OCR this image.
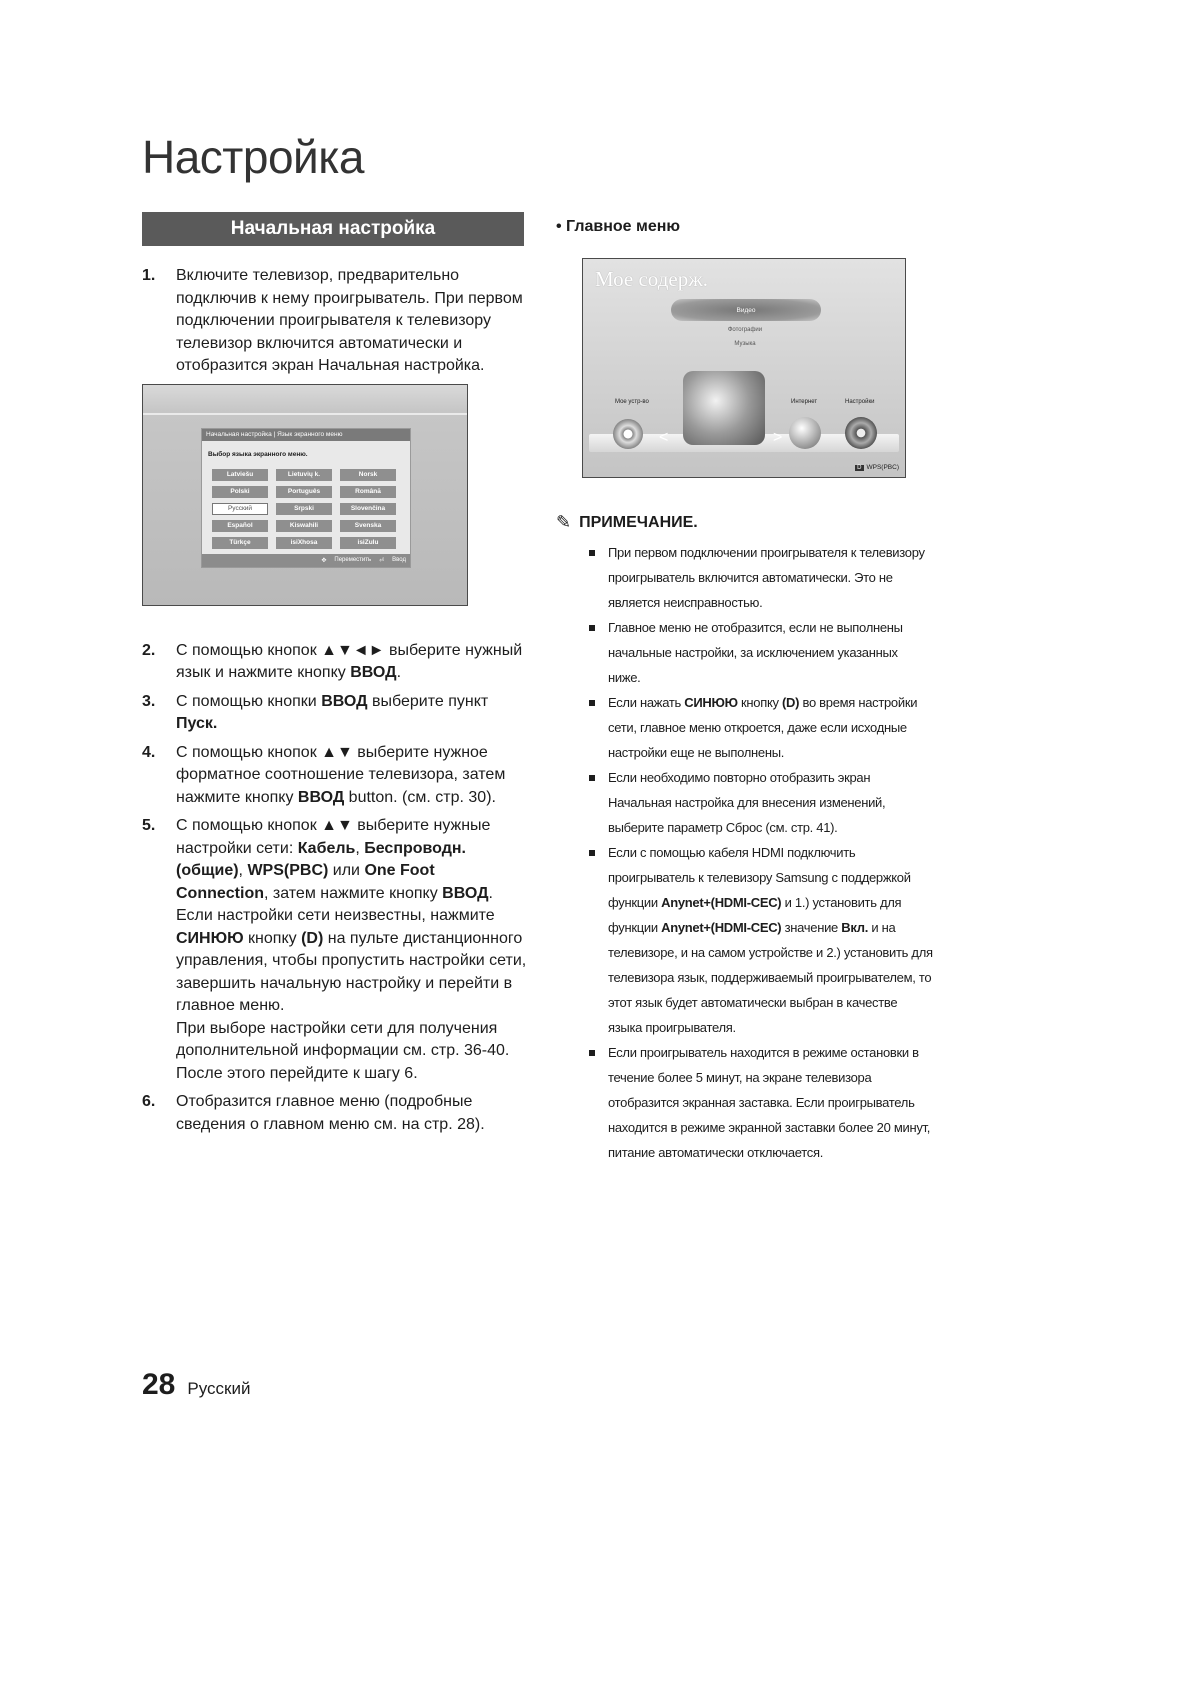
Настройка
Начальная настройка
1. Включите телевизор, предварительно подключив к нему проигрыватель. При первом подключении проигрывателя к телевизору телевизор включится автоматически и отобразится экран Начальная настройка.
Начальная настройка | Язык экранного меню
Выбор языка экранного меню.
Latviešu	Lietuvių k.	Norsk
Polski	Português	Română
Русский	Srpski	Slovenčina
Español	Kiswahili	Svenska
Türkçe	isiXhosa	isiZulu
✥ Переместить ⏎ Ввод
2. С помощью кнопок ▲▼◄► выберите нужный язык и нажмите кнопку ВВОД.
3. С помощью кнопки ВВОД выберите пункт Пуск.
4. С помощью кнопок ▲▼ выберите нужное форматное соотношение телевизора, затем нажмите кнопку ВВОД button. (см. стр. 30).
5. С помощью кнопок ▲▼ выберите нужные настройки сети: Кабель, Беспроводн. (общие), WPS(PBC) или One Foot Connection, затем нажмите кнопку ВВОД. Если настройки сети неизвестны, нажмите СИНЮЮ кнопку (D) на пульте дистанционного управления, чтобы пропустить настройки сети, завершить начальную настройку и перейти в главное меню.
При выборе настройки сети для получения дополнительной информации см. стр. 36-40. После этого перейдите к шагу 6.
6. Отобразится главное меню (подробные сведения о главном меню см. на стр. 28).
• Главное меню
Мое содерж.
Видео
Фотографии
Музыка
Мое устр-во	Интернет	Настройки
<	>
D WPS(PBC)
✎ ПРИМЕЧАНИЕ.
При первом подключении проигрывателя к телевизору проигрыватель включится автоматически. Это не является неисправностью.
Главное меню не отобразится, если не выполнены начальные настройки, за исключением указанных ниже.
Если нажать СИНЮЮ кнопку (D) во время настройки сети, главное меню откроется, даже если исходные настройки еще не выполнены.
Если необходимо повторно отобразить экран Начальная настройка для внесения изменений, выберите параметр Сброс (см. стр. 41).
Если с помощью кабеля HDMI подключить проигрыватель к телевизору Samsung с поддержкой функции Anynet+(HDMI-CEC) и 1.) установить для функции Anynet+(HDMI-CEC) значение Вкл. и на телевизоре, и на самом устройстве и 2.) установить для телевизора язык, поддерживаемый проигрывателем, то этот язык будет автоматически выбран в качестве языка проигрывателя.
Если проигрыватель находится в режиме остановки в течение более 5 минут, на экране телевизора отобразится экранная заставка. Если проигрыватель находится в режиме экранной заставки более 20 минут, питание автоматически отключается.
28 Русский
